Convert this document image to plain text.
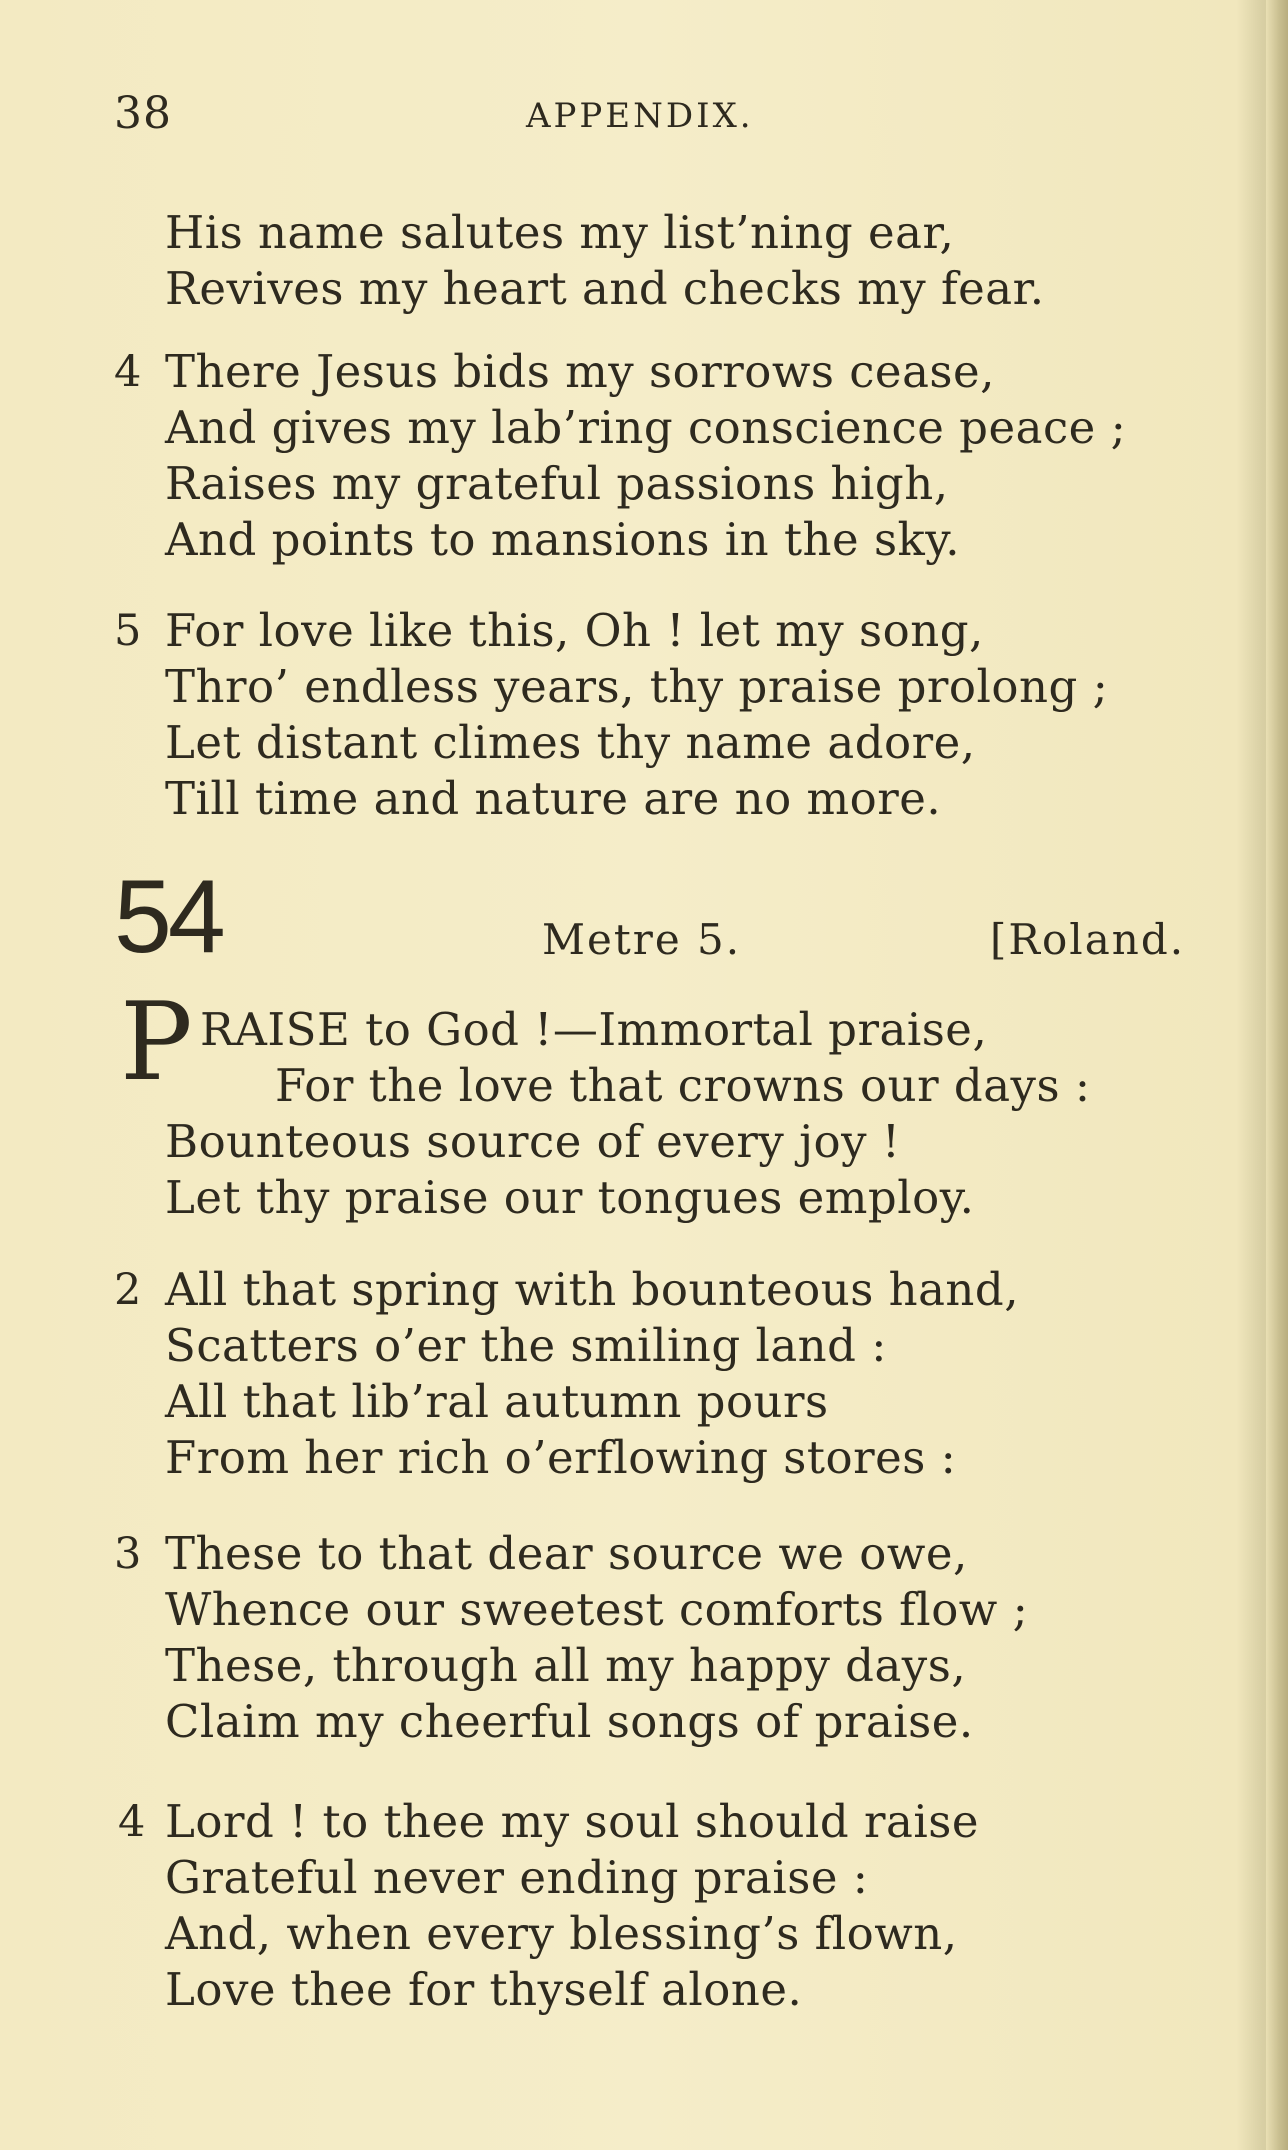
38	APPENDIX.
His name salutes my list’ning ear,
Revives my heart and checks my fear.
4 There Jesus bids my sorrows cease,
And gives my lab’ring conscience peace ;
Raises my grateful passions high,
And points to mansions in the sky.
5 For love like this, Oh ! let my song,
Thro’ endless years, thy praise prolong ;
Let distant climes thy name adore,
Till time and nature are no more.
54	Metre 5.	[Roland.
P RAISE to God !—Immortal praise,
For the love that crowns our days :
Bounteous source of every joy !
Let thy praise our tongues employ.
2 All that spring with bounteous hand,
Scatters o’er the smiling land :
All that lib’ral autumn pours
From her rich o’erflowing stores :
3 These to that dear source we owe,
Whence our sweetest comforts flow ;
These, through all my happy days,
Claim my cheerful songs of praise.
4 Lord ! to thee my soul should raise
Grateful never ending praise :
And, when every blessing’s flown,
Love thee for thyself alone.
